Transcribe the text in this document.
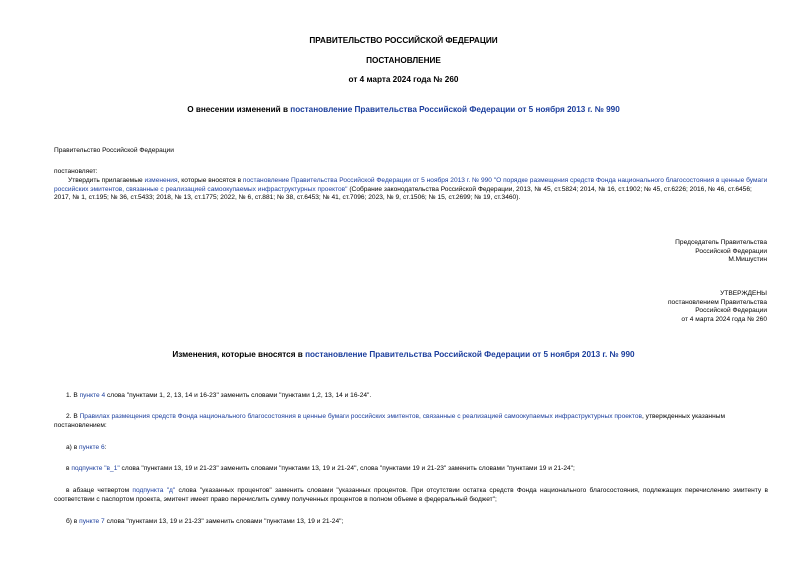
ПРАВИТЕЛЬСТВО РОССИЙСКОЙ ФЕДЕРАЦИИ
ПОСТАНОВЛЕНИЕ
от 4 марта 2024 года № 260
О внесении изменений в постановление Правительства Российской Федерации от 5 ноября 2013 г. № 990
Правительство Российской Федерации
постановляет:

Утвердить прилагаемые изменения, которые вносятся в постановление Правительства Российской Федерации от 5 ноября 2013 г. № 990 "О порядке размещения средств Фонда национального благосостояния в ценные бумаги российских эмитентов, связанные с реализацией самоокупаемых инфраструктурных проектов" (Собрание законодательства Российской Федерации, 2013, № 45, ст.5824; 2014, № 16, ст.1902; № 45, ст.6226; 2016, № 46, ст.6456; 2017, № 1, ст.195; № 36, ст.5433; 2018, № 13, ст.1775; 2022, № 6, ст.881; № 38, ст.6453; № 41, ст.7096; 2023, № 9, ст.1506; № 15, ст.2699; № 19, ст.3460).

Председатель Правительства
Российской Федерации
М.Мишустин
УТВЕРЖДЕНЫ
постановлением Правительства
Российской Федерации
от 4 марта 2024 года № 260
Изменения, которые вносятся в постановление Правительства Российской Федерации от 5 ноября 2013 г. № 990
1. В пункте 4 слова "пунктами 1, 2, 13, 14 и 16-23" заменить словами "пунктами 1,2, 13, 14 и 16-24".

2. В Правилах размещения средств Фонда национального благосостояния в ценные бумаги российских эмитентов, связанные с реализацией самоокупаемых инфраструктурных проектов, утвержденных указанным постановлением:

а) в пункте 6:
в подпункте "в_1" слова "пунктами 13, 19 и 21-23" заменить словами "пунктами 13, 19 и 21-24", слова "пунктами 19 и 21-23" заменить словами "пунктами 19 и 21-24";

в абзаце четвертом подпункта "д" слова "указанных процентов" заменить словами "указанных процентов. При отсутствии остатка средств Фонда национального благосостояния, подлежащих перечислению эмитенту в соответствии с паспортом проекта, эмитент имеет право перечислить сумму полученных процентов в полном объеме в федеральный бюджет";

б) в пункте 7 слова "пунктами 13, 19 и 21-23" заменить словами "пунктами 13, 19 и 21-24";
